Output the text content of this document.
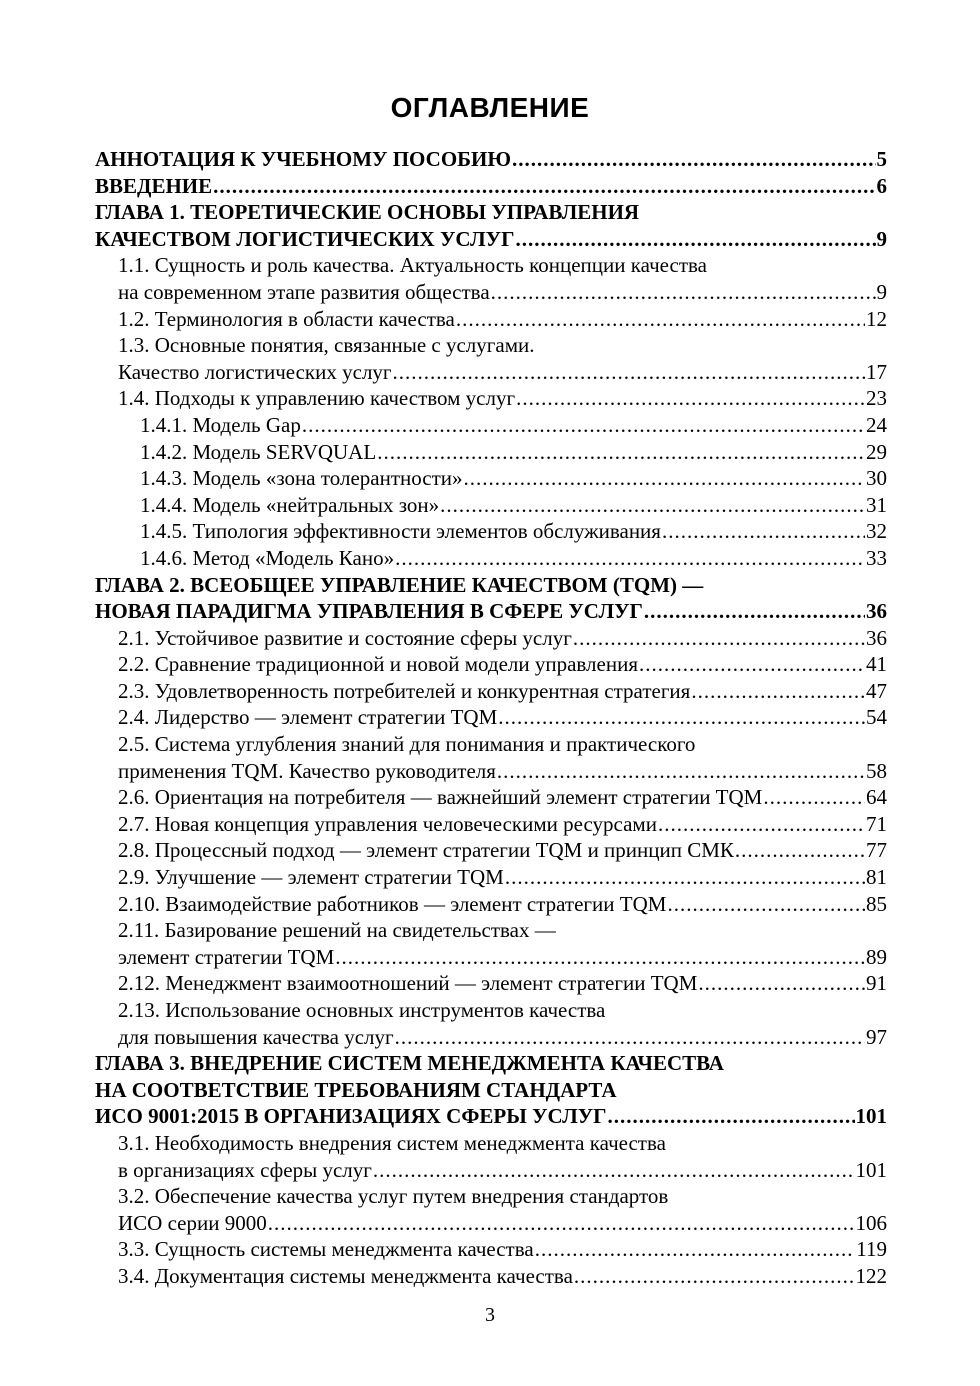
ОГЛАВЛЕНИЕ
АННОТАЦИЯ К УЧЕБНОМУ ПОСОБИЮ .....	5
ВВЕДЕНИЕ .....	6
ГЛАВА 1. ТЕОРЕТИЧЕСКИЕ ОСНОВЫ УПРАВЛЕНИЯ
КАЧЕСТВОМ ЛОГИСТИЧЕСКИХ УСЛУГ .....	9
1.1. Сущность и роль качества. Актуальность концепции качества
на современном этапе развития общества .....	9
1.2. Терминология в области качества .....	12
1.3. Основные понятия, связанные с услугами.
Качество логистических услуг .....	17
1.4. Подходы к управлению качеством услуг .....	23
1.4.1. Модель Gap .....	24
1.4.2. Модель SERVQUAL .....	29
1.4.3. Модель «зона толерантности» .....	30
1.4.4. Модель «нейтральных зон» .....	31
1.4.5. Типология эффективности элементов обслуживания .....	32
1.4.6. Метод «Модель Кано» .....	33
ГЛАВА 2. ВСЕОБЩЕЕ УПРАВЛЕНИЕ КАЧЕСТВОМ (TQM) —
НОВАЯ ПАРАДИГМА УПРАВЛЕНИЯ В СФЕРЕ УСЛУГ .....	36
2.1. Устойчивое развитие и состояние сферы услуг .....	36
2.2. Сравнение традиционной и новой модели управления .....	41
2.3. Удовлетворенность потребителей и конкурентная стратегия .....	47
2.4. Лидерство — элемент стратегии TQM .....	54
2.5. Система углубления знаний для понимания и практического
применения TQM. Качество руководителя .....	58
2.6. Ориентация на потребителя — важнейший элемент стратегии TQM .....	64
2.7. Новая концепция управления человеческими ресурсами .....	71
2.8. Процессный подход — элемент стратегии TQM и принцип СМК .....	77
2.9. Улучшение — элемент стратегии TQM .....	81
2.10. Взаимодействие работников — элемент стратегии TQM .....	85
2.11. Базирование решений на свидетельствах —
элемент стратегии TQM .....	89
2.12. Менеджмент взаимоотношений — элемент стратегии TQM .....	91
2.13. Использование основных инструментов качества
для повышения качества услуг .....	97
ГЛАВА 3. ВНЕДРЕНИЕ СИСТЕМ МЕНЕДЖМЕНТА КАЧЕСТВА
НА СООТВЕТСТВИЕ ТРЕБОВАНИЯМ СТАНДАРТА
ИСО 9001:2015 В ОРГАНИЗАЦИЯХ СФЕРЫ УСЛУГ .....	101
3.1. Необходимость внедрения систем менеджмента качества
в организациях сферы услуг .....	101
3.2. Обеспечение качества услуг путем внедрения стандартов
ИСО серии 9000 .....	106
3.3. Сущность системы менеджмента качества .....	119
3.4. Документация системы менеджмента качества .....	122
3
